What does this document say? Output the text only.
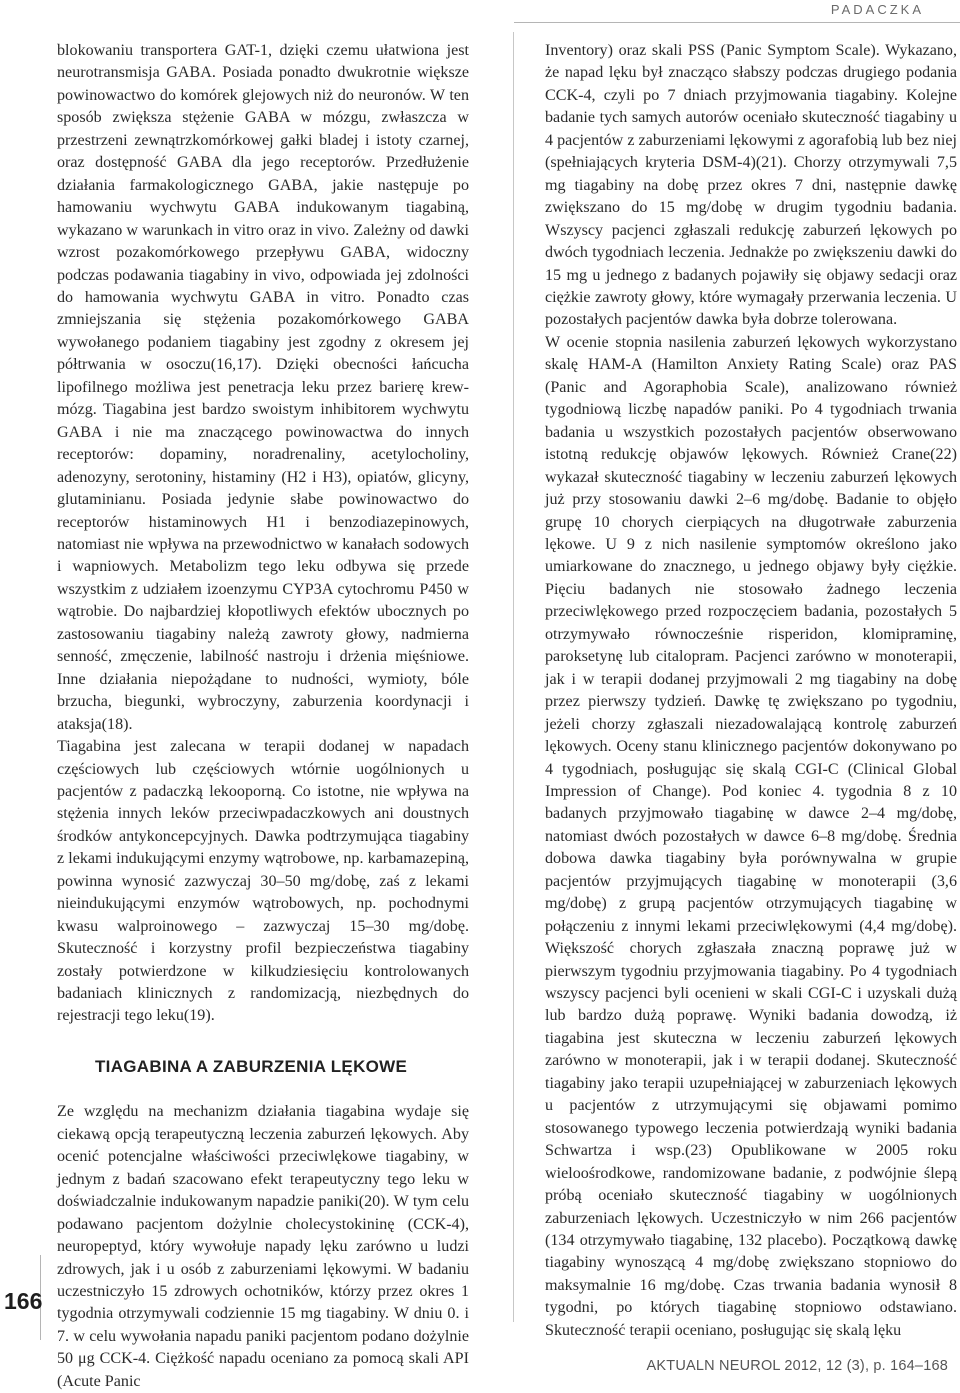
PADACZKA
166

blokowaniu transportera GAT-1, dzięki czemu ułatwiona jest neurotransmisja GABA. Posiada ponadto dwukrotnie większe powinowactwo do komórek glejowych niż do neuronów. W ten sposób zwiększa stężenie GABA w mózgu, zwłaszcza w przestrzeni zewnątrzkomórkowej gałki bladej i istoty czarnej, oraz dostępność GABA dla jego receptorów. Przedłużenie działania farmakologicznego GABA, jakie następuje po hamowaniu wychwytu GABA indukowanym tiagabiną, wykazano w warunkach in vitro oraz in vivo. Zależny od dawki wzrost pozakomórkowego przepływu GABA, widoczny podczas podawania tiagabiny in vivo, odpowiada jej zdolności do hamowania wychwytu GABA in vitro. Ponadto czas zmniejszania się stężenia pozakomórkowego GABA wywołanego podaniem tiagabiny jest zgodny z okresem jej półtrwania w osoczu(16,17). Dzięki obecności łańcucha lipofilnego możliwa jest penetracja leku przez barierę krew-mózg. Tiagabina jest bardzo swoistym inhibitorem wychwytu GABA i nie ma znaczącego powinowactwa do innych receptorów: dopaminy, noradrenaliny, acetylocholiny, adenozyny, serotoniny, histaminy (H2 i H3), opiatów, glicyny, glutaminianu. Posiada jedynie słabe powinowactwo do receptorów histaminowych H1 i benzodiazepinowych, natomiast nie wpływa na przewodnictwo w kanałach sodowych i wapniowych. Metabolizm tego leku odbywa się przede wszystkim z udziałem izoenzymu CYP3A cytochromu P450 w wątrobie. Do najbardziej kłopotliwych efektów ubocznych po zastosowaniu tiagabiny należą zawroty głowy, nadmierna senność, zmęczenie, labilność nastroju i drżenia mięśniowe. Inne działania niepożądane to nudności, wymioty, bóle brzucha, biegunki, wybroczyny, zaburzenia koordynacji i ataksja(18).

Tiagabina jest zalecana w terapii dodanej w napadach częściowych lub częściowych wtórnie uogólnionych u pacjentów z padaczką lekooporną. Co istotne, nie wpływa na stężenia innych leków przeciwpadaczkowych ani doustnych środków antykoncepcyjnych. Dawka podtrzymująca tiagabiny z lekami indukującymi enzymy wątrobowe, np. karbamazepiną, powinna wynosić zazwyczaj 30–50 mg/dobę, zaś z lekami nieindukującymi enzymów wątrobowych, np. pochodnymi kwasu walproinowego – zazwyczaj 15–30 mg/dobę. Skuteczność i korzystny profil bezpieczeństwa tiagabiny zostały potwierdzone w kilkudziesięciu kontrolowanych badaniach klinicznych z randomizacją, niezbędnych do rejestracji tego leku(19).

TIAGABINA A ZABURZENIA LĘKOWE

Ze względu na mechanizm działania tiagabina wydaje się ciekawą opcją terapeutyczną leczenia zaburzeń lękowych. Aby ocenić potencjalne właściwości przeciwlękowe tiagabiny, w jednym z badań szacowano efekt terapeutyczny tego leku w doświadczalnie indukowanym napadzie paniki(20). W tym celu podawano pacjentom dożylnie cholecystokininę (CCK-4), neuropeptyd, który wywołuje napady lęku zarówno u ludzi zdrowych, jak i u osób z zaburzeniami lękowymi. W badaniu uczestniczyło 15 zdrowych ochotników, którzy przez okres 1 tygodnia otrzymywali codziennie 15 mg tiagabiny. W dniu 0. i 7. w celu wywołania napadu paniki pacjentom podano dożylnie 50 μg CCK-4. Ciężkość napadu oceniano za pomocą skali API (Acute Panic

Inventory) oraz skali PSS (Panic Symptom Scale). Wykazano, że napad lęku był znacząco słabszy podczas drugiego podania CCK-4, czyli po 7 dniach przyjmowania tiagabiny. Kolejne badanie tych samych autorów oceniało skuteczność tiagabiny u 4 pacjentów z zaburzeniami lękowymi z agorafobią lub bez niej (spełniających kryteria DSM-4)(21). Chorzy otrzymywali 7,5 mg tiagabiny na dobę przez okres 7 dni, następnie dawkę zwiększano do 15 mg/dobę w drugim tygodniu badania. Wszyscy pacjenci zgłaszali redukcję zaburzeń lękowych po dwóch tygodniach leczenia. Jednakże po zwiększeniu dawki do 15 mg u jednego z badanych pojawiły się objawy sedacji oraz ciężkie zawroty głowy, które wymagały przerwania leczenia. U pozostałych pacjentów dawka była dobrze tolerowana.

W ocenie stopnia nasilenia zaburzeń lękowych wykorzystano skalę HAM-A (Hamilton Anxiety Rating Scale) oraz PAS (Panic and Agoraphobia Scale), analizowano również tygodniową liczbę napadów paniki. Po 4 tygodniach trwania badania u wszystkich pozostałych pacjentów obserwowano istotną redukcję objawów lękowych. Również Crane(22) wykazał skuteczność tiagabiny w leczeniu zaburzeń lękowych już przy stosowaniu dawki 2–6 mg/dobę. Badanie to objęło grupę 10 chorych cierpiących na długotrwałe zaburzenia lękowe. U 9 z nich nasilenie symptomów określono jako umiarkowane do znacznego, u jednego objawy były ciężkie. Pięciu badanych nie stosowało żadnego leczenia przeciwlękowego przed rozpoczęciem badania, pozostałych 5 otrzymywało równocześnie risperidon, klomipraminę, paroksetynę lub citalopram. Pacjenci zarówno w monoterapii, jak i w terapii dodanej przyjmowali 2 mg tiagabiny na dobę przez pierwszy tydzień. Dawkę tę zwiększano po tygodniu, jeżeli chorzy zgłaszali niezadowalającą kontrolę zaburzeń lękowych. Oceny stanu klinicznego pacjentów dokonywano po 4 tygodniach, posługując się skalą CGI-C (Clinical Global Impression of Change). Pod koniec 4. tygodnia 8 z 10 badanych przyjmowało tiagabinę w dawce 2–4 mg/dobę, natomiast dwóch pozostałych w dawce 6–8 mg/dobę. Średnia dobowa dawka tiagabiny była porównywalna w grupie pacjentów przyjmujących tiagabinę w monoterapii (3,6 mg/dobę) z grupą pacjentów otrzymujących tiagabinę w połączeniu z innymi lekami przeciwlękowymi (4,4 mg/dobę). Większość chorych zgłaszała znaczną poprawę już w pierwszym tygodniu przyjmowania tiagabiny. Po 4 tygodniach wszyscy pacjenci byli ocenieni w skali CGI-C i uzyskali dużą lub bardzo dużą poprawę. Wyniki badania dowodzą, iż tiagabina jest skuteczna w leczeniu zaburzeń lękowych zarówno w monoterapii, jak i w terapii dodanej. Skuteczność tiagabiny jako terapii uzupełniającej w zaburzeniach lękowych u pacjentów z utrzymującymi się objawami pomimo stosowanego typowego leczenia potwierdzają wyniki badania Schwartza i wsp.(23) Opublikowane w 2005 roku wieloośrodkowe, randomizowane badanie, z podwójnie ślepą próbą oceniało skuteczność tiagabiny w uogólnionych zaburzeniach lękowych. Uczestniczyło w nim 266 pacjentów (134 otrzymywało tiagabinę, 132 placebo). Początkową dawkę tiagabiny wynoszącą 4 mg/dobę zwiększano stopniowo do maksymalnie 16 mg/dobę. Czas trwania badania wynosił 8 tygodni, po których tiagabinę stopniowo odstawiano. Skuteczność terapii oceniano, posługując się skalą lęku

AKTUALN NEUROL 2012, 12 (3), p. 164–168
